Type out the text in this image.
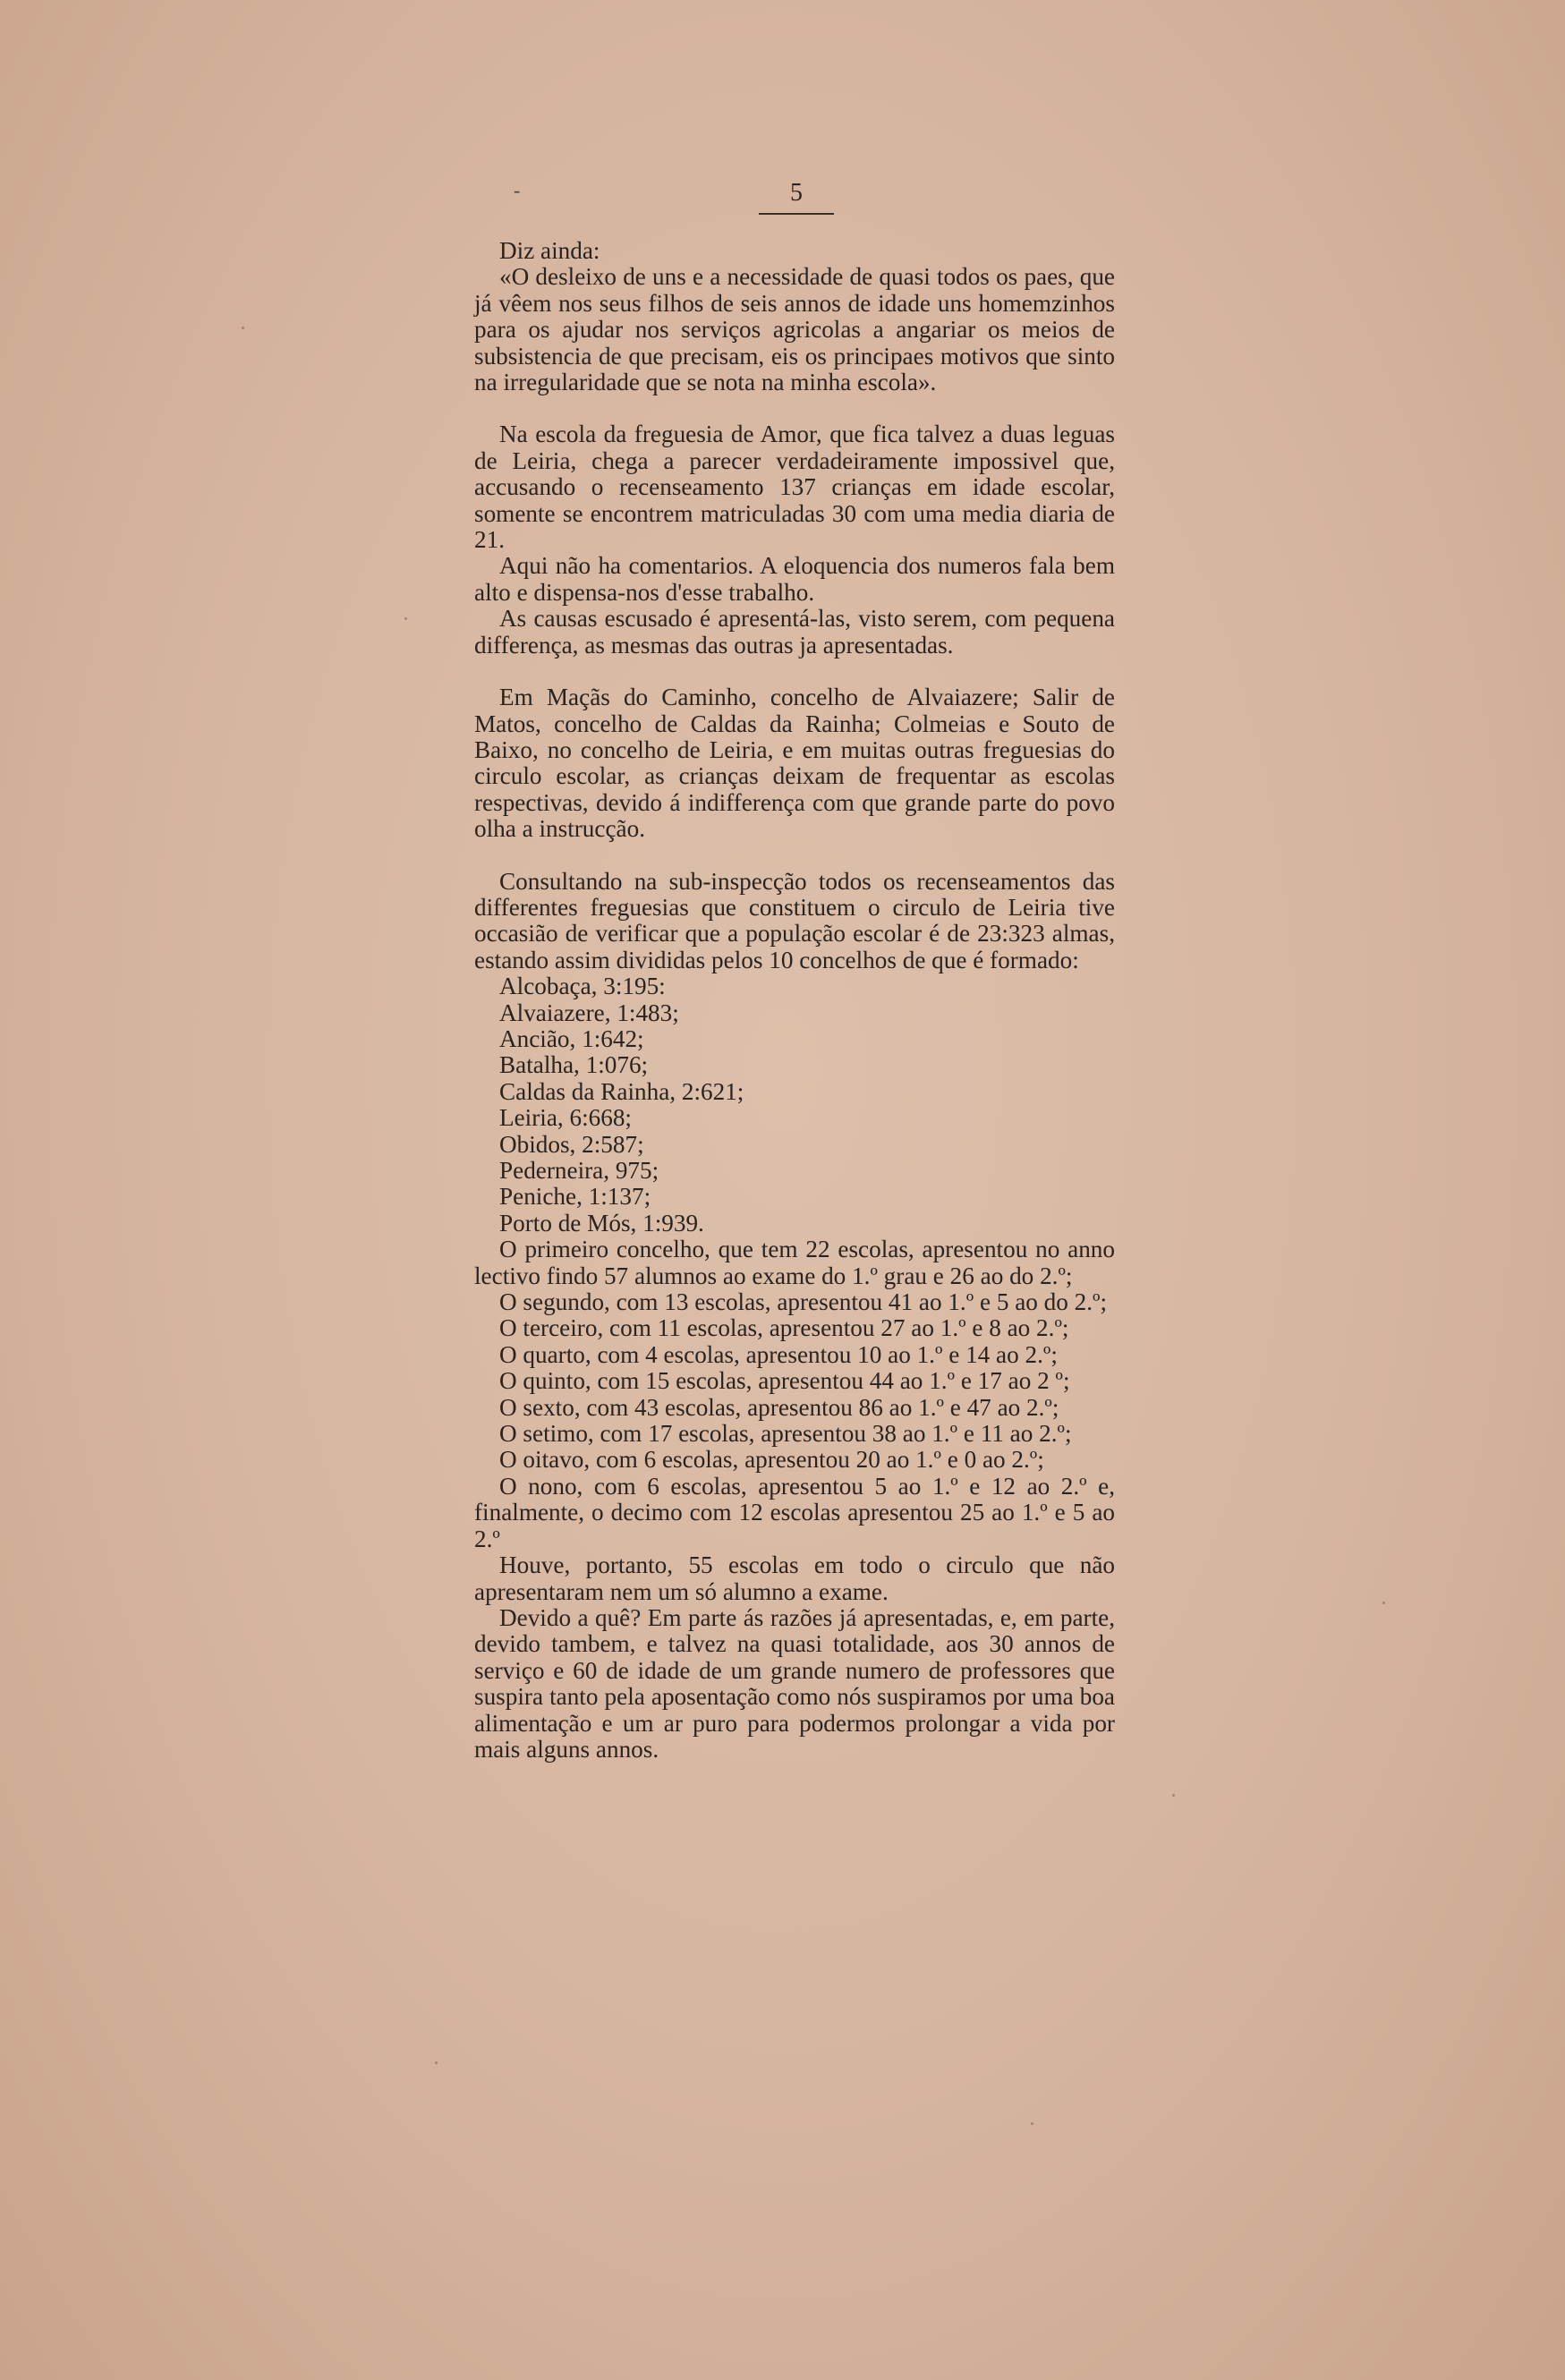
-	5

Diz ainda:

«O desleixo de uns e a necessidade de quasi todos os paes, que já vêem nos seus filhos de seis annos de idade uns homemzinhos para os ajudar nos serviços agricolas a angariar os meios de subsistencia de que precisam, eis os principaes motivos que sinto na irregularidade que se nota na minha escola».

Na escola da freguesia de Amor, que fica talvez a duas leguas de Leiria, chega a parecer verdadeiramente impossivel que, accusando o recenseamento 137 crianças em idade escolar, somente se encontrem matriculadas 30 com uma media diaria de 21.

Aqui não ha comentarios. A eloquencia dos numeros fala bem alto e dispensa-nos d'esse trabalho.

As causas escusado é apresentá-las, visto serem, com pequena differença, as mesmas das outras ja apresentadas.

Em Maçãs do Caminho, concelho de Alvaiazere; Salir de Matos, concelho de Caldas da Rainha; Colmeias e Souto de Baixo, no concelho de Leiria, e em muitas outras freguesias do circulo escolar, as crianças deixam de frequentar as escolas respectivas, devido á indifferença com que grande parte do povo olha a instrucção.

Consultando na sub-inspecção todos os recenseamentos das differentes freguesias que constituem o circulo de Leiria tive occasião de verificar que a população escolar é de 23:323 almas, estando assim divididas pelos 10 concelhos de que é formado:

Alcobaça, 3:195:
Alvaiazere, 1:483;
Ancião, 1:642;
Batalha, 1:076;
Caldas da Rainha, 2:621;
Leiria, 6:668;
Obidos, 2:587;
Pederneira, 975;
Peniche, 1:137;
Porto de Mós, 1:939.

O primeiro concelho, que tem 22 escolas, apresentou no anno lectivo findo 57 alumnos ao exame do 1.º grau e 26 ao do 2.º;

O segundo, com 13 escolas, apresentou 41 ao 1.º e 5 ao do 2.º;

O terceiro, com 11 escolas, apresentou 27 ao 1.º e 8 ao 2.º;

O quarto, com 4 escolas, apresentou 10 ao 1.º e 14 ao 2.º;

O quinto, com 15 escolas, apresentou 44 ao 1.º e 17 ao 2 º;

O sexto, com 43 escolas, apresentou 86 ao 1.º e 47 ao 2.º;

O setimo, com 17 escolas, apresentou 38 ao 1.º e 11 ao 2.º;

O oitavo, com 6 escolas, apresentou 20 ao 1.º e 0 ao 2.º;

O nono, com 6 escolas, apresentou 5 ao 1.º e 12 ao 2.º e, finalmente, o decimo com 12 escolas apresentou 25 ao 1.º e 5 ao 2.º

Houve, portanto, 55 escolas em todo o circulo que não apresentaram nem um só alumno a exame.

Devido a quê? Em parte ás razões já apresentadas, e, em parte, devido tambem, e talvez na quasi totalidade, aos 30 annos de serviço e 60 de idade de um grande numero de professores que suspira tanto pela aposentação como nós suspiramos por uma boa alimentação e um ar puro para podermos prolongar a vida por mais alguns annos.
